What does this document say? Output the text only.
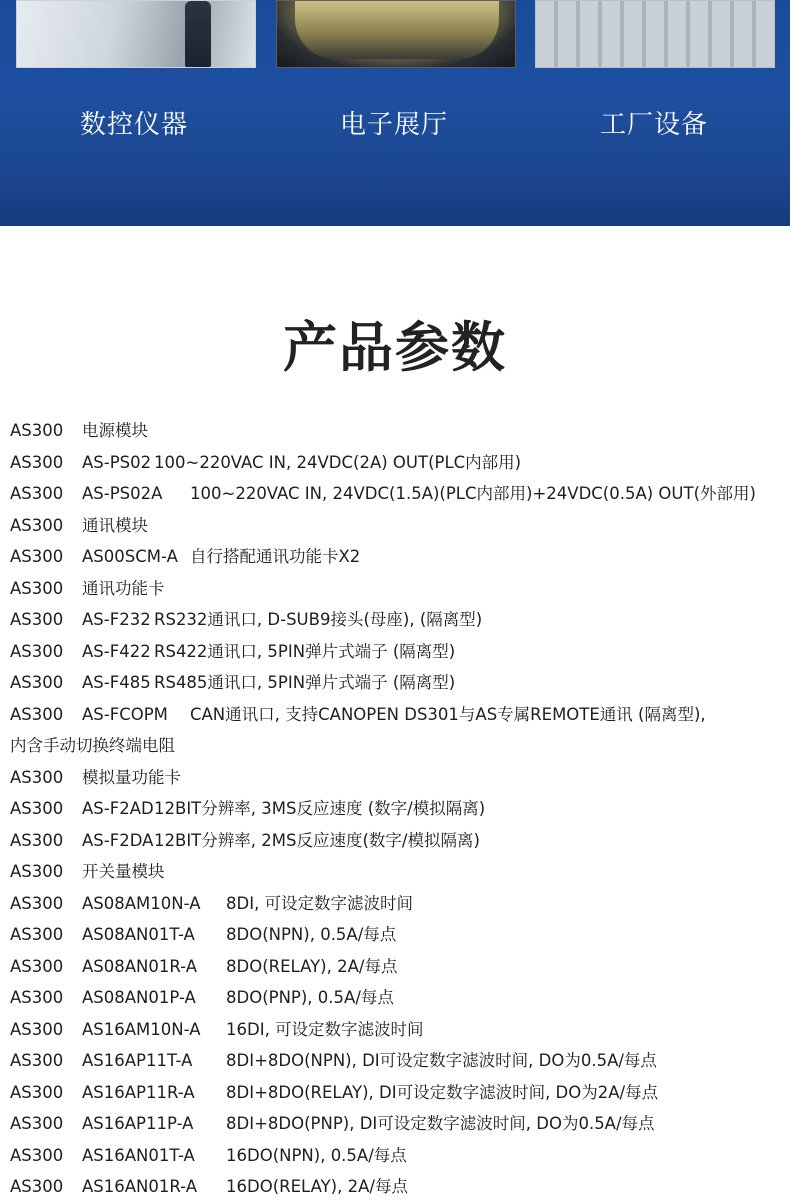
数控仪器	电子展厅	工厂设备
产品参数
AS300 电源模块
AS300 AS-PS02 100~220VAC IN, 24VDC(2A) OUT(PLC内部用)
AS300 AS-PS02A 100~220VAC IN, 24VDC(1.5A)(PLC内部用)+24VDC(0.5A) OUT(外部用)
AS300 通讯模块
AS300 AS00SCM-A 自行搭配通讯功能卡X2
AS300 通讯功能卡
AS300 AS-F232 RS232通讯口, D-SUB9接头(母座), (隔离型)
AS300 AS-F422 RS422通讯口, 5PIN弹片式端子 (隔离型)
AS300 AS-F485 RS485通讯口, 5PIN弹片式端子 (隔离型)
AS300 AS-FCOPM CAN通讯口, 支持CANOPEN DS301与AS专属REMOTE通讯 (隔离型),
内含手动切换终端电阻
AS300 模拟量功能卡
AS300 AS-F2AD 12BIT分辨率, 3MS反应速度 (数字/模拟隔离)
AS300 AS-F2DA 12BIT分辨率, 2MS反应速度(数字/模拟隔离)
AS300 开关量模块
AS300 AS08AM10N-A 8DI, 可设定数字滤波时间
AS300 AS08AN01T-A 8DO(NPN), 0.5A/每点
AS300 AS08AN01R-A 8DO(RELAY), 2A/每点
AS300 AS08AN01P-A 8DO(PNP), 0.5A/每点
AS300 AS16AM10N-A 16DI, 可设定数字滤波时间
AS300 AS16AP11T-A 8DI+8DO(NPN), DI可设定数字滤波时间, DO为0.5A/每点
AS300 AS16AP11R-A 8DI+8DO(RELAY), DI可设定数字滤波时间, DO为2A/每点
AS300 AS16AP11P-A 8DI+8DO(PNP), DI可设定数字滤波时间, DO为0.5A/每点
AS300 AS16AN01T-A 16DO(NPN), 0.5A/每点
AS300 AS16AN01R-A 16DO(RELAY), 2A/每点
